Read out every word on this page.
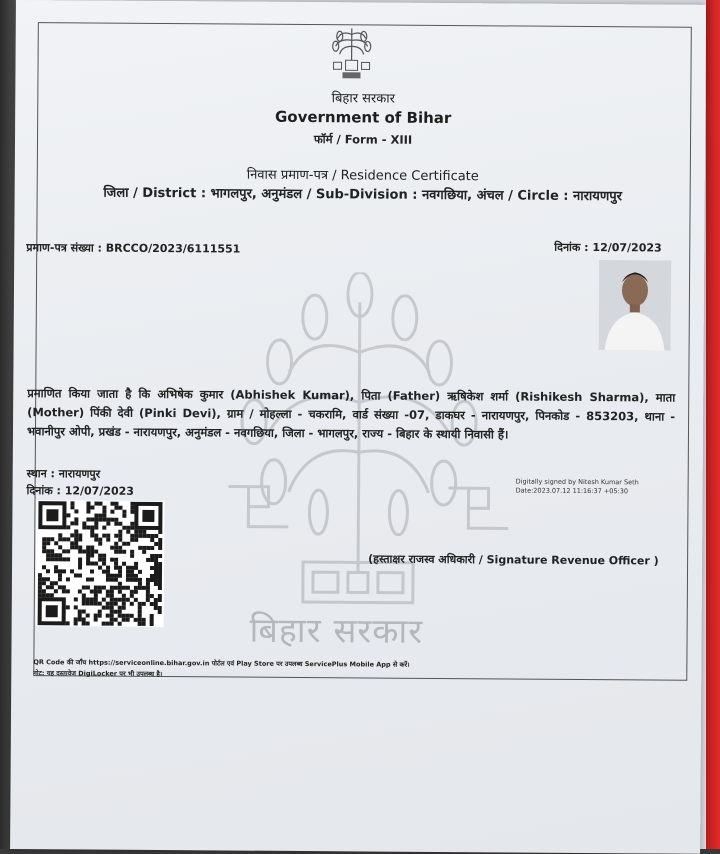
बिहार सरकार
Government of Bihar
फॉर्म / Form - XIII
निवास प्रमाण-पत्र / Residence Certificate
जिला / District : भागलपुर, अनुमंडल / Sub-Division : नवगछिया, अंचल / Circle : नारायणपुर
बिहार सरकार
प्रमाण-पत्र संख्या : BRCCO/2023/6111551	दिनांक : 12/07/2023
प्रमाणित किया जाता है कि अभिषेक कुमार (Abhishek Kumar), पिता (Father) ऋषिकेश शर्मा (Rishikesh Sharma), माता (Mother) पिंकी देवी (Pinki Devi), ग्राम / मोहल्ला - चकरामि, वार्ड संख्या -07, डाकघर - नारायणपुर, पिनकोड - 853203, थाना - भवानीपुर ओपी, प्रखंड - नारायणपुर, अनुमंडल - नवगछिया, जिला - भागलपुर, राज्य - बिहार के स्थायी निवासी हैं।
स्थान : नारायणपुर
दिनांक : 12/07/2023
Digitally signed by Nitesh Kumar Seth
Date:2023.07.12 11:16:37 +05:30
(हस्ताक्षर राजस्व अधिकारी / Signature Revenue Officer )
QR Code की जाँच https://serviceonline.bihar.gov.in पोर्टल एवं Play Store पर उपलब्ध ServicePlus Mobile App से करें।
नोट: यह दस्तावेज DigiLocker पर भी उपलब्ध है।
